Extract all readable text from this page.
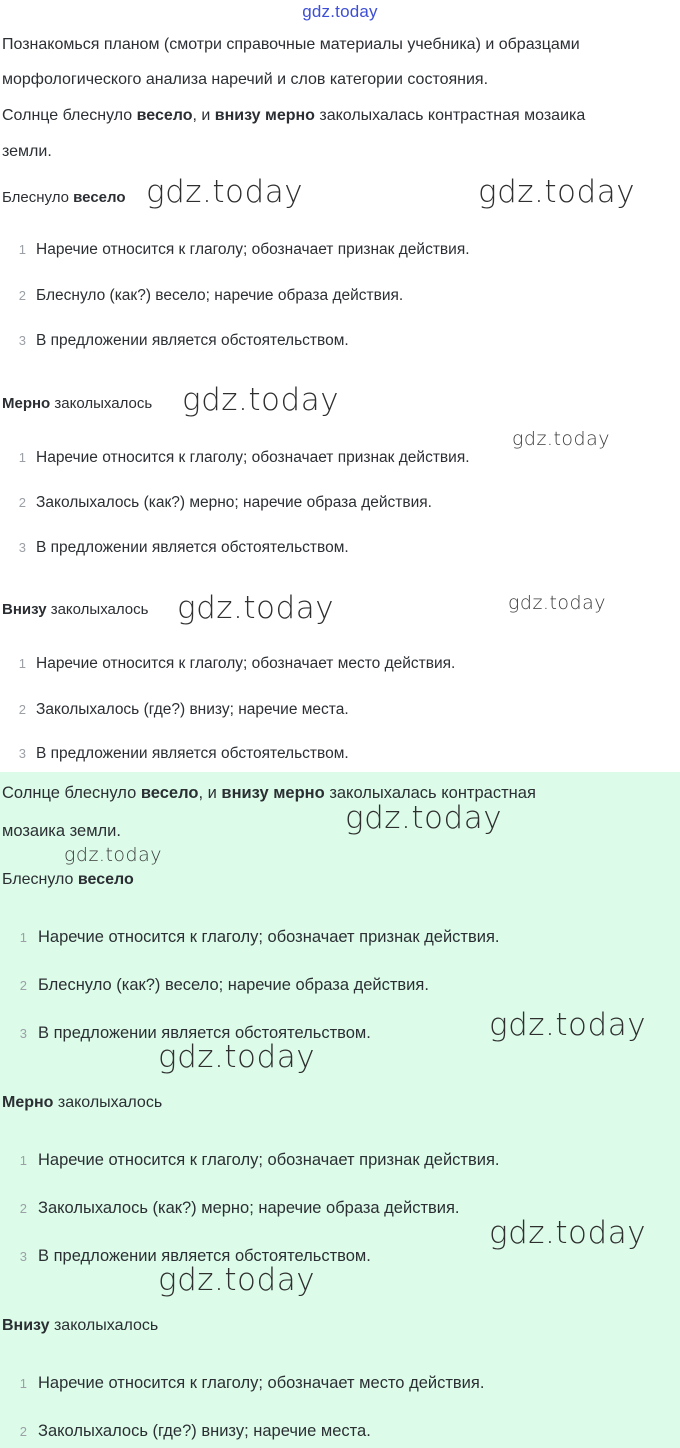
gdz.today
Познакомься планом (смотри справочные материалы учебника) и образцами
морфологического анализа наречий и слов категории состояния.
Солнце блеснуло весело, и внизу мерно заколыхалась контрастная мозаика
земли.
Блеснуло весело
1 Наречие относится к глаголу; обозначает признак действия.
2 Блеснуло (как?) весело; наречие образа действия.
3 В предложении является обстоятельством.
Мерно заколыхалось
1 Наречие относится к глаголу; обозначает признак действия.
2 Заколыхалось (как?) мерно; наречие образа действия.
3 В предложении является обстоятельством.
Внизу заколыхалось
1 Наречие относится к глаголу; обозначает место действия.
2 Заколыхалось (где?) внизу; наречие места.
3 В предложении является обстоятельством.
Солнце блеснуло весело, и внизу мерно заколыхалась контрастная
мозаика земли.
Блеснуло весело
1 Наречие относится к глаголу; обозначает признак действия.
2 Блеснуло (как?) весело; наречие образа действия.
3 В предложении является обстоятельством.
Мерно заколыхалось
1 Наречие относится к глаголу; обозначает признак действия.
2 Заколыхалось (как?) мерно; наречие образа действия.
3 В предложении является обстоятельством.
Внизу заколыхалось
1 Наречие относится к глаголу; обозначает место действия.
2 Заколыхалось (где?) внизу; наречие места.
gdz.today	gdz.today
gdz.today
gdz.today
gdz.today	gdz.today
gdz.today
gdz.today
gdz.today
gdz.today
gdz.today
gdz.today
